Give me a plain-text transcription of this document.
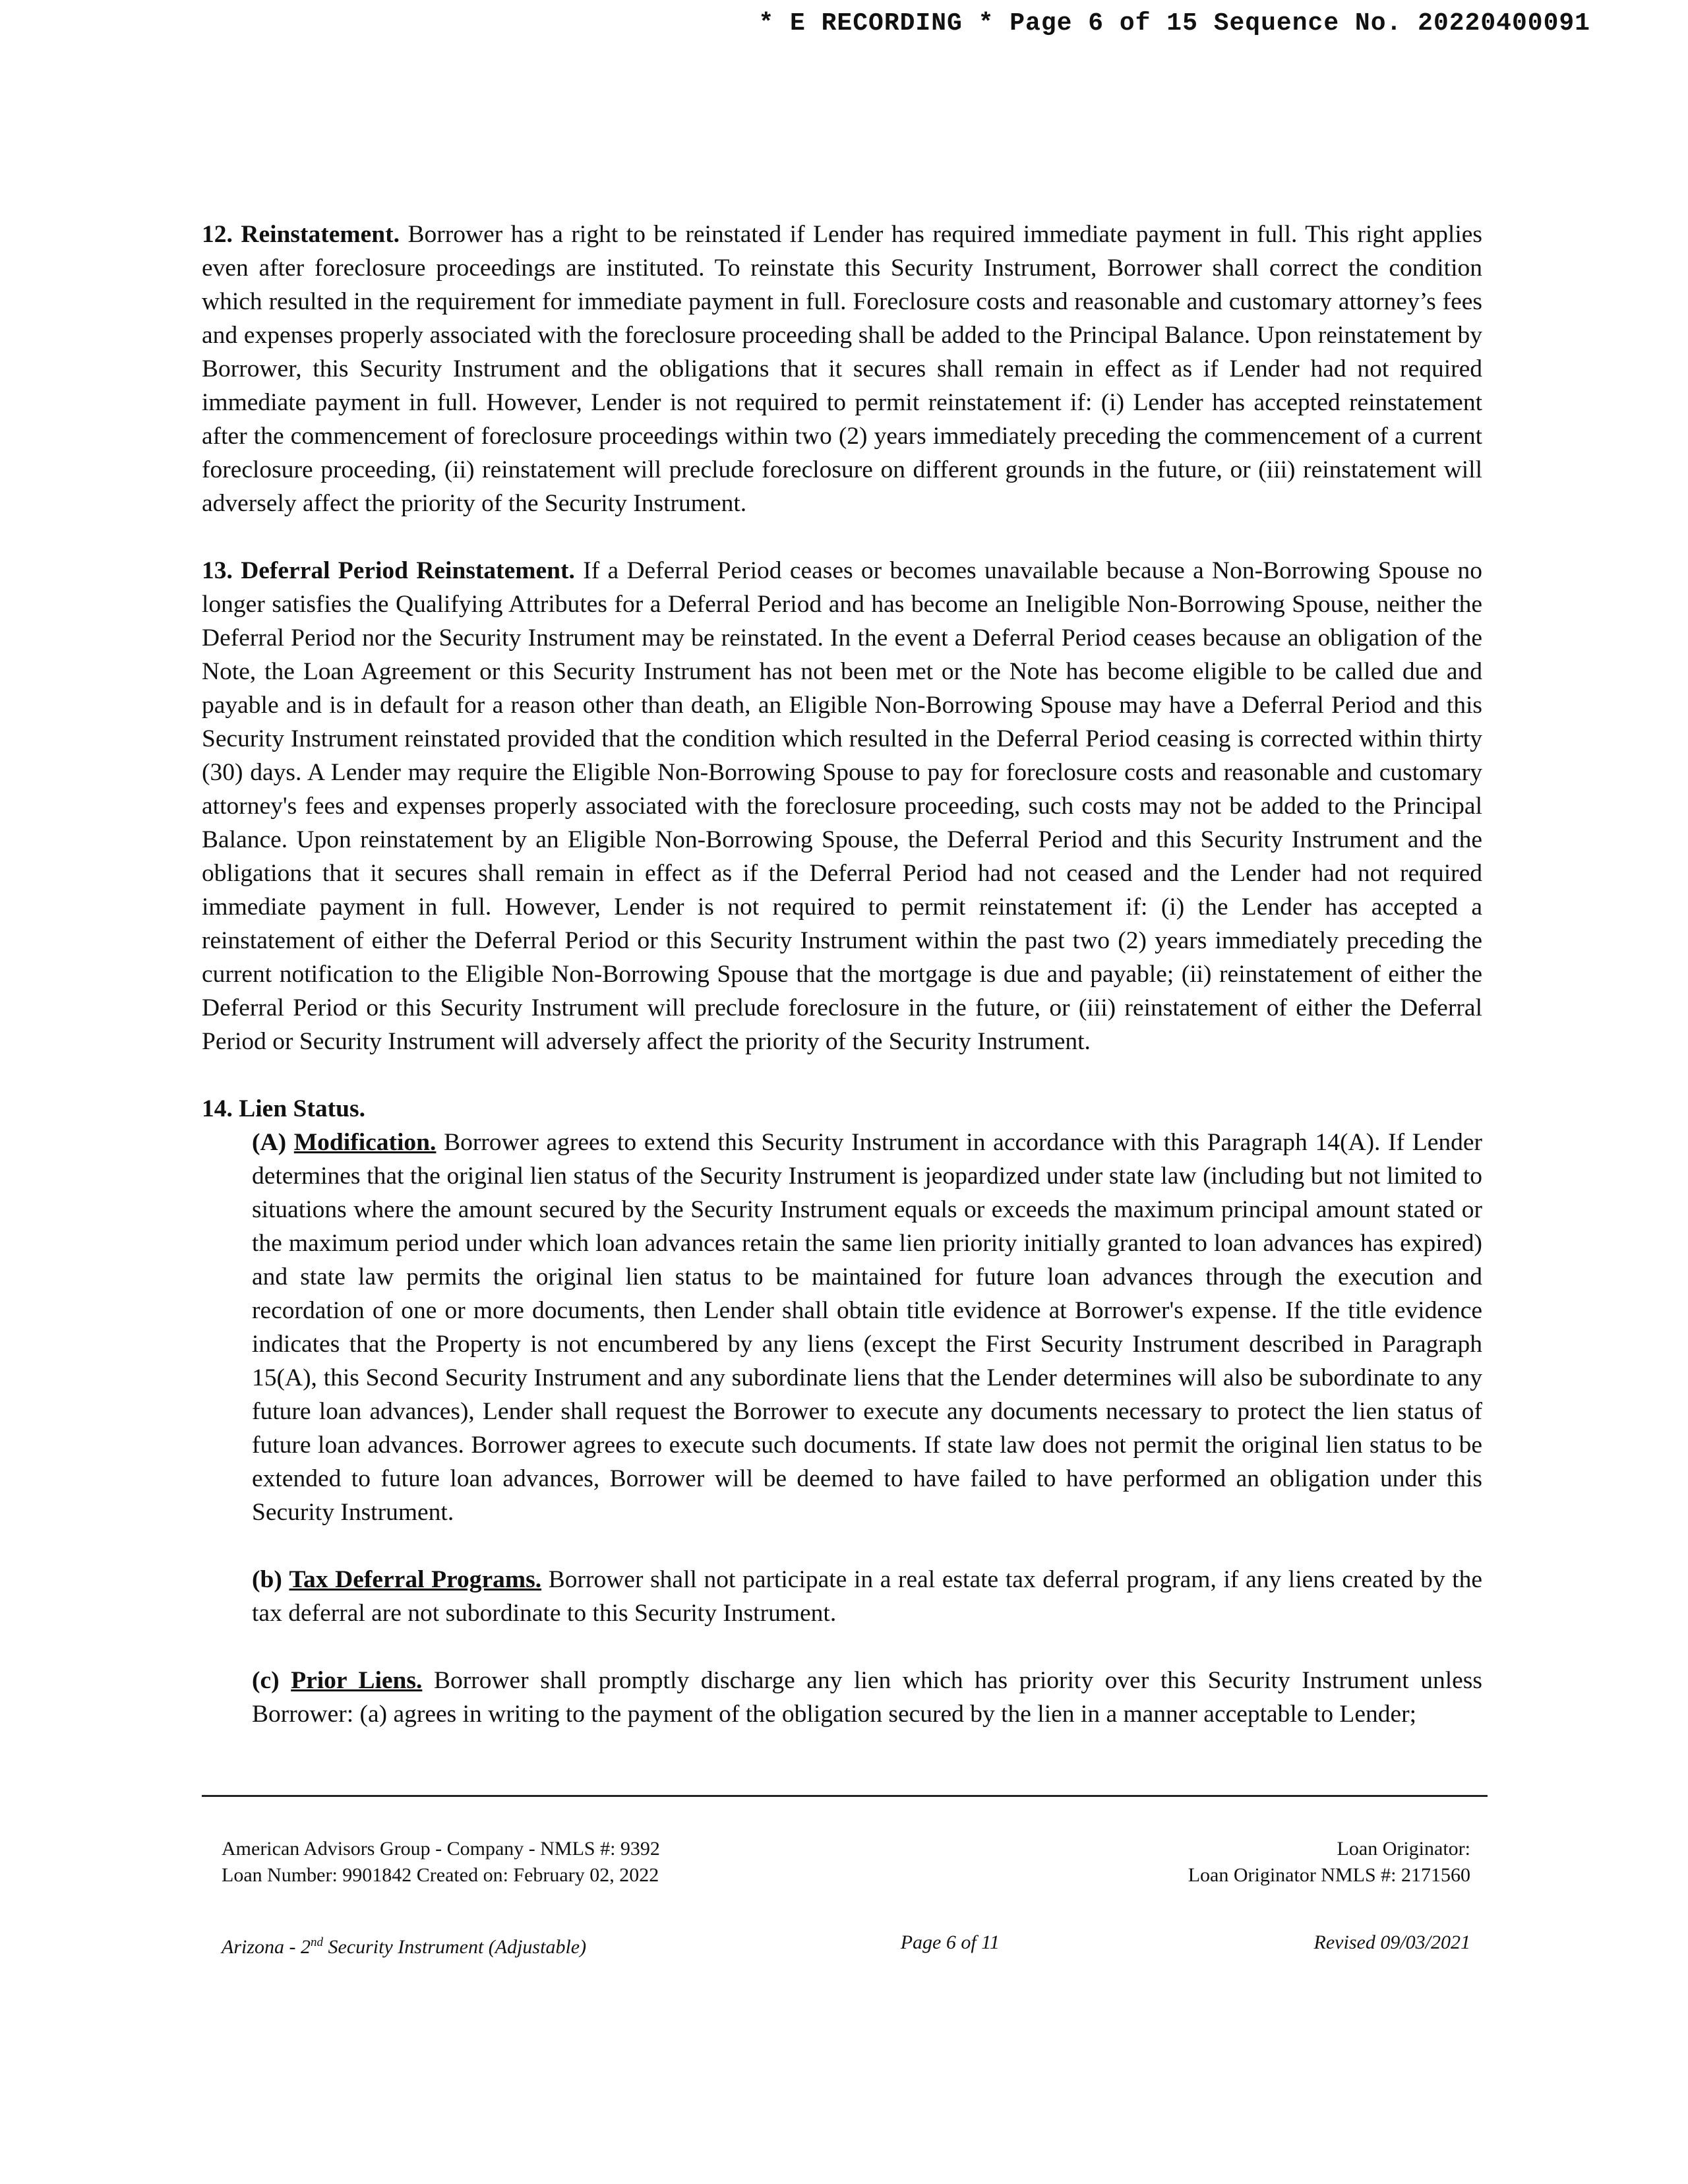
* E RECORDING * Page 6 of 15 Sequence No. 20220400091

12. Reinstatement. Borrower has a right to be reinstated if Lender has required immediate payment in full. This right applies even after foreclosure proceedings are instituted. To reinstate this Security Instrument, Borrower shall correct the condition which resulted in the requirement for immediate payment in full. Foreclosure costs and reasonable and customary attorney’s fees and expenses properly associated with the foreclosure proceeding shall be added to the Principal Balance. Upon reinstatement by Borrower, this Security Instrument and the obligations that it secures shall remain in effect as if Lender had not required immediate payment in full. However, Lender is not required to permit reinstatement if: (i) Lender has accepted reinstatement after the commencement of foreclosure proceedings within two (2) years immediately preceding the commencement of a current foreclosure proceeding, (ii) reinstatement will preclude foreclosure on different grounds in the future, or (iii) reinstatement will adversely affect the priority of the Security Instrument.

13. Deferral Period Reinstatement. If a Deferral Period ceases or becomes unavailable because a Non-Borrowing Spouse no longer satisfies the Qualifying Attributes for a Deferral Period and has become an Ineligible Non-Borrowing Spouse, neither the Deferral Period nor the Security Instrument may be reinstated. In the event a Deferral Period ceases because an obligation of the Note, the Loan Agreement or this Security Instrument has not been met or the Note has become eligible to be called due and payable and is in default for a reason other than death, an Eligible Non-Borrowing Spouse may have a Deferral Period and this Security Instrument reinstated provided that the condition which resulted in the Deferral Period ceasing is corrected within thirty (30) days. A Lender may require the Eligible Non-Borrowing Spouse to pay for foreclosure costs and reasonable and customary attorney's fees and expenses properly associated with the foreclosure proceeding, such costs may not be added to the Principal Balance. Upon reinstatement by an Eligible Non-Borrowing Spouse, the Deferral Period and this Security Instrument and the obligations that it secures shall remain in effect as if the Deferral Period had not ceased and the Lender had not required immediate payment in full. However, Lender is not required to permit reinstatement if: (i) the Lender has accepted a reinstatement of either the Deferral Period or this Security Instrument within the past two (2) years immediately preceding the current notification to the Eligible Non-Borrowing Spouse that the mortgage is due and payable; (ii) reinstatement of either the Deferral Period or this Security Instrument will preclude foreclosure in the future, or (iii) reinstatement of either the Deferral Period or Security Instrument will adversely affect the priority of the Security Instrument.

14. Lien Status.

(A) Modification. Borrower agrees to extend this Security Instrument in accordance with this Paragraph 14(A). If Lender determines that the original lien status of the Security Instrument is jeopardized under state law (including but not limited to situations where the amount secured by the Security Instrument equals or exceeds the maximum principal amount stated or the maximum period under which loan advances retain the same lien priority initially granted to loan advances has expired) and state law permits the original lien status to be maintained for future loan advances through the execution and recordation of one or more documents, then Lender shall obtain title evidence at Borrower's expense. If the title evidence indicates that the Property is not encumbered by any liens (except the First Security Instrument described in Paragraph 15(A), this Second Security Instrument and any subordinate liens that the Lender determines will also be subordinate to any future loan advances), Lender shall request the Borrower to execute any documents necessary to protect the lien status of future loan advances. Borrower agrees to execute such documents. If state law does not permit the original lien status to be extended to future loan advances, Borrower will be deemed to have failed to have performed an obligation under this Security Instrument.

(b) Tax Deferral Programs. Borrower shall not participate in a real estate tax deferral program, if any liens created by the tax deferral are not subordinate to this Security Instrument.

(c) Prior Liens. Borrower shall promptly discharge any lien which has priority over this Security Instrument unless Borrower: (a) agrees in writing to the payment of the obligation secured by the lien in a manner acceptable to Lender;

American Advisors Group - Company - NMLS #: 9392
Loan Number: 9901842 Created on: February 02, 2022
Loan Originator:
Loan Originator NMLS #: 2171560
Arizona - 2nd Security Instrument (Adjustable)	Page 6 of 11	Revised 09/03/2021
